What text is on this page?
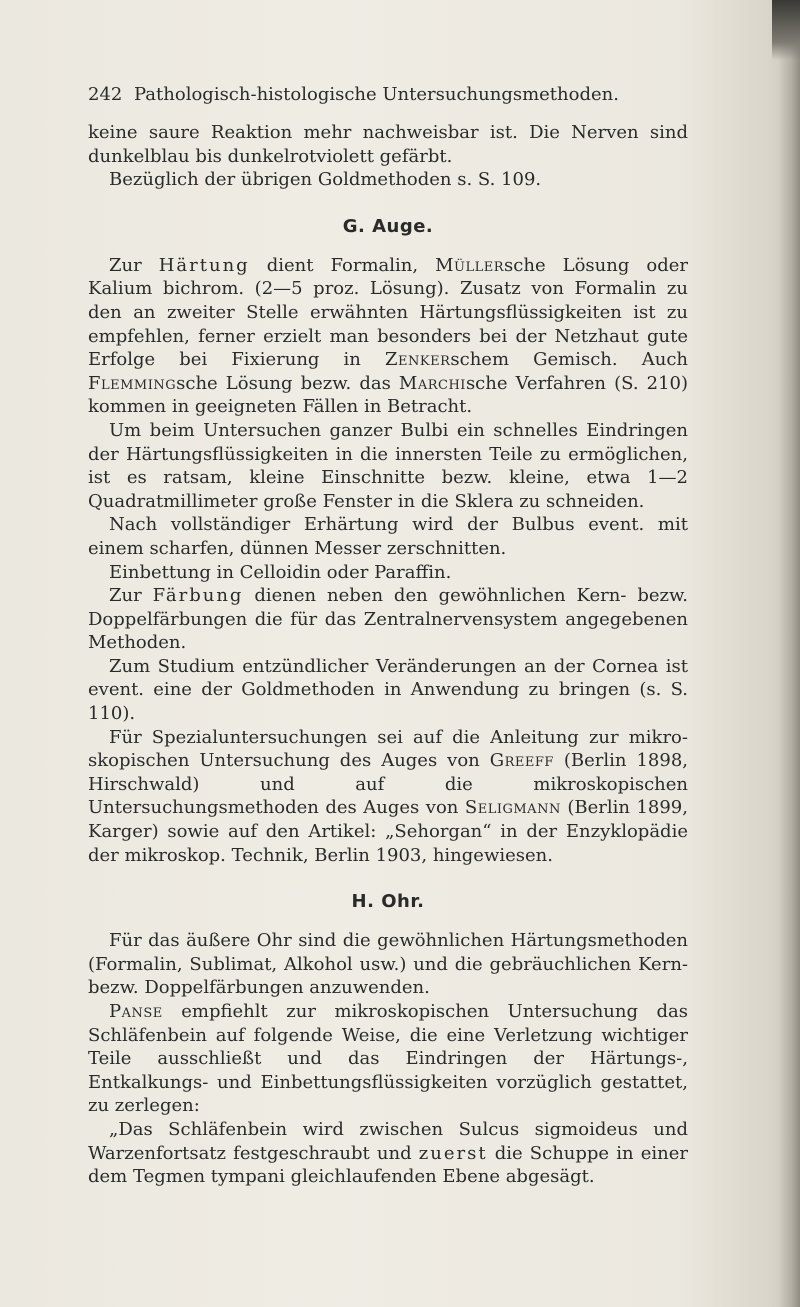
242 Pathologisch-histologische Untersuchungsmethoden.

keine saure Reaktion mehr nachweisbar ist. Die Nerven sind dunkelblau bis dunkelrotviolett gefärbt.

Bezüglich der übrigen Goldmethoden s. S. 109.

G. Auge.

Zur Härtung dient Formalin, Müllersche Lösung oder Kalium bichrom. (2—5 proz. Lösung). Zusatz von Formalin zu den an zweiter Stelle erwähnten Härtungsflüssigkeiten ist zu empfehlen, ferner erzielt man besonders bei der Netzhaut gute Erfolge bei Fixierung in Zenkerschem Gemisch. Auch Flemmingsche Lösung bezw. das Marchische Verfahren (S. 210) kommen in geeigneten Fällen in Betracht.

Um beim Untersuchen ganzer Bulbi ein schnelles Eindringen der Härtungsflüssigkeiten in die innersten Teile zu ermöglichen, ist es ratsam, kleine Einschnitte bezw. kleine, etwa 1—2 Quadratmillimeter große Fenster in die Sklera zu schneiden.

Nach vollständiger Erhärtung wird der Bulbus event. mit einem scharfen, dünnen Messer zerschnitten.

Einbettung in Celloidin oder Paraffin.

Zur Färbung dienen neben den gewöhnlichen Kern- bezw. Doppelfärbungen die für das Zentralnervensystem angegebenen Methoden.

Zum Studium entzündlicher Veränderungen an der Cornea ist event. eine der Goldmethoden in Anwendung zu bringen (s. S. 110).

Für Spezialuntersuchungen sei auf die Anleitung zur mikroskopischen Untersuchung des Auges von Greeff (Berlin 1898, Hirschwald) und auf die mikroskopischen Untersuchungsmethoden des Auges von Seligmann (Berlin 1899, Karger) sowie auf den Artikel: „Sehorgan“ in der Enzyklopädie der mikroskop. Technik, Berlin 1903, hingewiesen.

H. Ohr.

Für das äußere Ohr sind die gewöhnlichen Härtungsmethoden (Formalin, Sublimat, Alkohol usw.) und die gebräuchlichen Kern- bezw. Doppelfärbungen anzuwenden.

Panse empfiehlt zur mikroskopischen Untersuchung das Schläfenbein auf folgende Weise, die eine Verletzung wichtiger Teile ausschließt und das Eindringen der Härtungs-, Entkalkungs- und Einbettungsflüssigkeiten vorzüglich gestattet, zu zerlegen:

„Das Schläfenbein wird zwischen Sulcus sigmoideus und Warzenfortsatz festgeschraubt und zuerst die Schuppe in einer dem Tegmen tympani gleichlaufenden Ebene abgesägt.
